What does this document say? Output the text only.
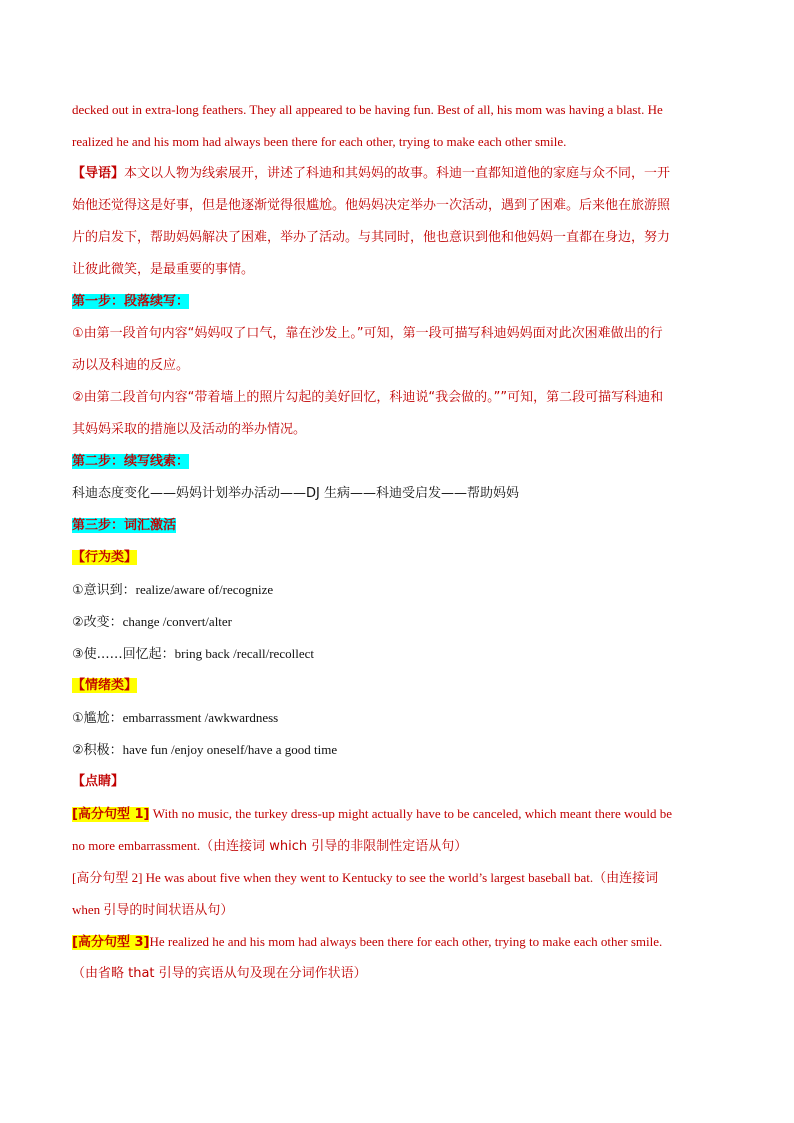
decked out in extra-long feathers. They all appeared to be having fun. Best of all, his mom was having a blast. He

realized he and his mom had always been there for each other, trying to make each other smile.

【导语】本文以人物为线索展开，讲述了科迪和其妈妈的故事。科迪一直都知道他的家庭与众不同，一开

始他还觉得这是好事，但是他逐渐觉得很尴尬。他妈妈决定举办一次活动，遇到了困难。后来他在旅游照

片的启发下，帮助妈妈解决了困难，举办了活动。与其同时，他也意识到他和他妈妈一直都在身边，努力

让彼此微笑，是最重要的事情。

第一步：段落续写：

①由第一段首句内容“妈妈叹了口气，靠在沙发上。”可知，第一段可描写科迪妈妈面对此次困难做出的行

动以及科迪的反应。

②由第二段首句内容“带着墙上的照片勾起的美好回忆，科迪说“我会做的。””可知，第二段可描写科迪和

其妈妈采取的措施以及活动的举办情况。

第二步：续写线索：

科迪态度变化——妈妈计划举办活动——DJ 生病——科迪受启发——帮助妈妈

第三步：词汇激活

【行为类】

①意识到：realize/aware of/recognize

②改变：change /convert/alter

③使……回忆起：bring back /recall/recollect

【情绪类】

①尴尬：embarrassment /awkwardness

②积极：have fun /enjoy oneself/have a good time

【点睛】

[高分句型 1] With no music, the turkey dress-up might actually have to be canceled, which meant there would be

no more embarrassment.（由连接词 which 引导的非限制性定语从句）

[高分句型 2] He was about five when they went to Kentucky to see the world’s largest baseball bat.（由连接词

when 引导的时间状语从句）

[高分句型 3]He realized he and his mom had always been there for each other, trying to make each other smile.

（由省略 that 引导的宾语从句及现在分词作状语）
